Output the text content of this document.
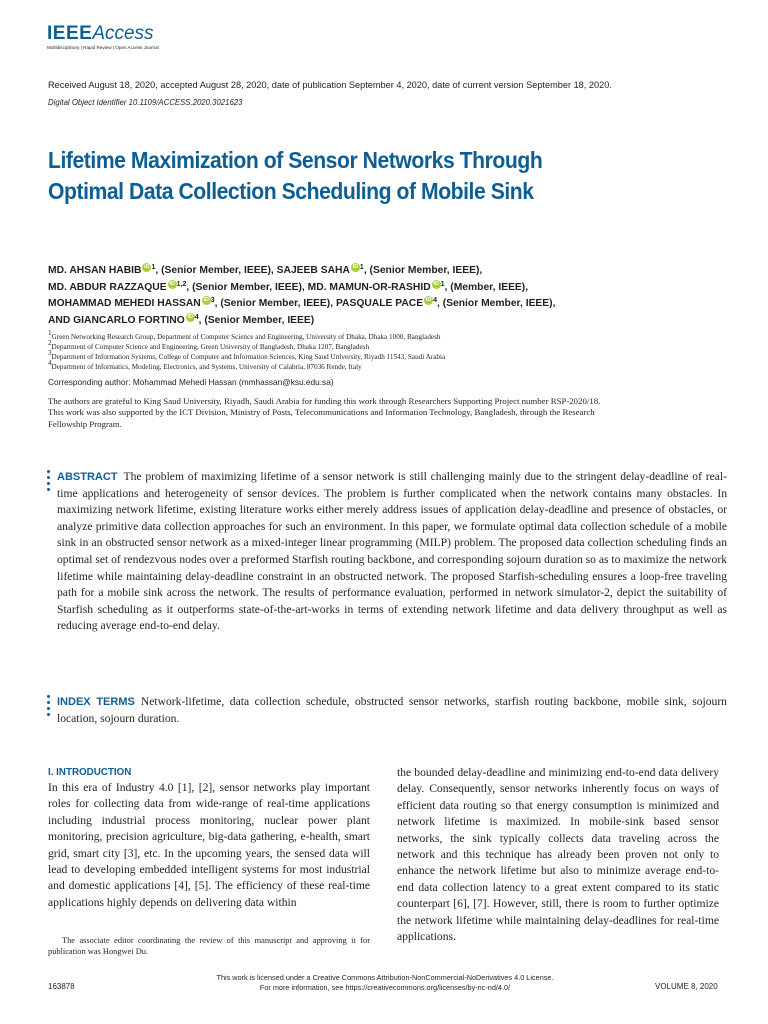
IEEEAccess
Multidisciplinary | Rapid Review | Open Access Journal
Received August 18, 2020, accepted August 28, 2020, date of publication September 4, 2020, date of current version September 18, 2020.
Digital Object Identifier 10.1109/ACCESS.2020.3021623
Lifetime Maximization of Sensor Networks Through Optimal Data Collection Scheduling of Mobile Sink
MD. AHSAN HABIB iD $^1$, (Senior Member, IEEE), SAJEEB SAHA iD $^1$, (Senior Member, IEEE),
MD. ABDUR RAZZAQUE iD $^{1,2}$, (Senior Member, IEEE), MD. MAMUN-OR-RASHID iD $^1$, (Member, IEEE),
MOHAMMAD MEHEDI HASSAN iD $^3$, (Senior Member, IEEE), PASQUALE PACE iD $^4$, (Senior Member, IEEE),
AND GIANCARLO FORTINO iD $^4$, (Senior Member, IEEE)
$^1$Green Networking Research Group, Department of Computer Science and Engineering, University of Dhaka, Dhaka 1000, Bangladesh
$^2$Department of Computer Science and Engineering, Green University of Bangladesh, Dhaka 1207, Bangladesh
$^3$Department of Information Systems, College of Computer and Information Sciences, King Saud University, Riyadh 11543, Saudi Arabia
$^4$Department of Informatics, Modeling, Electronics, and Systems, University of Calabria, 87036 Rende, Italy
Corresponding author: Mohammad Mehedi Hassan (mmhassan@ksu.edu.sa)
The authors are grateful to King Saud University, Riyadh, Saudi Arabia for funding this work through Researchers Supporting Project number RSP-2020/18. This work was also supported by the ICT Division, Ministry of Posts, Telecommunications and Information Technology, Bangladesh, through the Research Fellowship Program.
ABSTRACT The problem of maximizing lifetime of a sensor network is still challenging mainly due to the stringent delay-deadline of real-time applications and heterogeneity of sensor devices. The problem is further complicated when the network contains many obstacles. In maximizing network lifetime, existing literature works either merely address issues of application delay-deadline and presence of obstacles, or analyze primitive data collection approaches for such an environment. In this paper, we formulate optimal data collection schedule of a mobile sink in an obstructed sensor network as a mixed-integer linear programming (MILP) problem. The proposed data collection scheduling finds an optimal set of rendezvous nodes over a preformed Starfish routing backbone, and corresponding sojourn duration so as to maximize the network lifetime while maintaining delay-deadline constraint in an obstructed network. The proposed Starfish-scheduling ensures a loop-free traveling path for a mobile sink across the network. The results of performance evaluation, performed in network simulator-2, depict the suitability of Starfish scheduling as it outperforms state-of-the-art-works in terms of extending network lifetime and data delivery throughput as well as reducing average end-to-end delay.
INDEX TERMS Network-lifetime, data collection schedule, obstructed sensor networks, starfish routing backbone, mobile sink, sojourn location, sojourn duration.
I. INTRODUCTION
In this era of Industry 4.0 [1], [2], sensor networks play important roles for collecting data from wide-range of real-time applications including industrial process monitoring, nuclear power plant monitoring, precision agriculture, big-data gathering, e-health, smart grid, smart city [3], etc. In the upcoming years, the sensed data will lead to developing embedded intelligent systems for most industrial and domestic applications [4], [5]. The efficiency of these real-time applications highly depends on delivering data within
The associate editor coordinating the review of this manuscript and approving it for publication was Hongwei Du.
the bounded delay-deadline and minimizing end-to-end data delivery delay. Consequently, sensor networks inherently focus on ways of efficient data routing so that energy consumption is minimized and network lifetime is maximized. In mobile-sink based sensor networks, the sink typically collects data traveling across the network and this technique has already been proven not only to enhance the network lifetime but also to minimize average end-to-end data collection latency to a great extent compared to its static counterpart [6], [7]. However, still, there is room to further optimize the network lifetime while maintaining delay-deadlines for real-time applications.
This work is licensed under a Creative Commons Attribution-NonCommercial-NoDerivatives 4.0 License.
For more information, see https://creativecommons.org/licenses/by-nc-nd/4.0/
163878	VOLUME 8, 2020
